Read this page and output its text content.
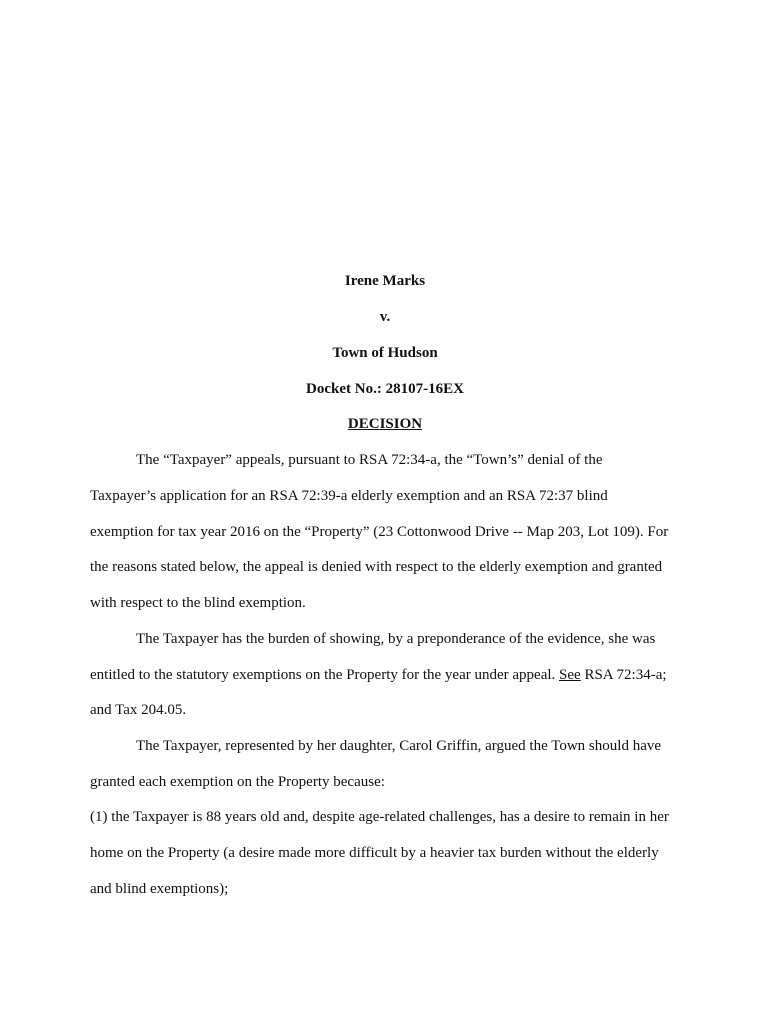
Irene Marks
v.
Town of Hudson
Docket No.: 28107-16EX
DECISION
The “Taxpayer” appeals, pursuant to RSA 72:34-a, the “Town’s” denial of the
Taxpayer’s application for an RSA 72:39-a elderly exemption and an RSA 72:37 blind
exemption for tax year 2016 on the “Property” (23 Cottonwood Drive -- Map 203, Lot 109). For
the reasons stated below, the appeal is denied with respect to the elderly exemption and granted
with respect to the blind exemption.
The Taxpayer has the burden of showing, by a preponderance of the evidence, she was
entitled to the statutory exemptions on the Property for the year under appeal. See RSA 72:34-a;
and Tax 204.05.
The Taxpayer, represented by her daughter, Carol Griffin, argued the Town should have
granted each exemption on the Property because:
(1) the Taxpayer is 88 years old and, despite age-related challenges, has a desire to remain in her
home on the Property (a desire made more difficult by a heavier tax burden without the elderly
and blind exemptions);
